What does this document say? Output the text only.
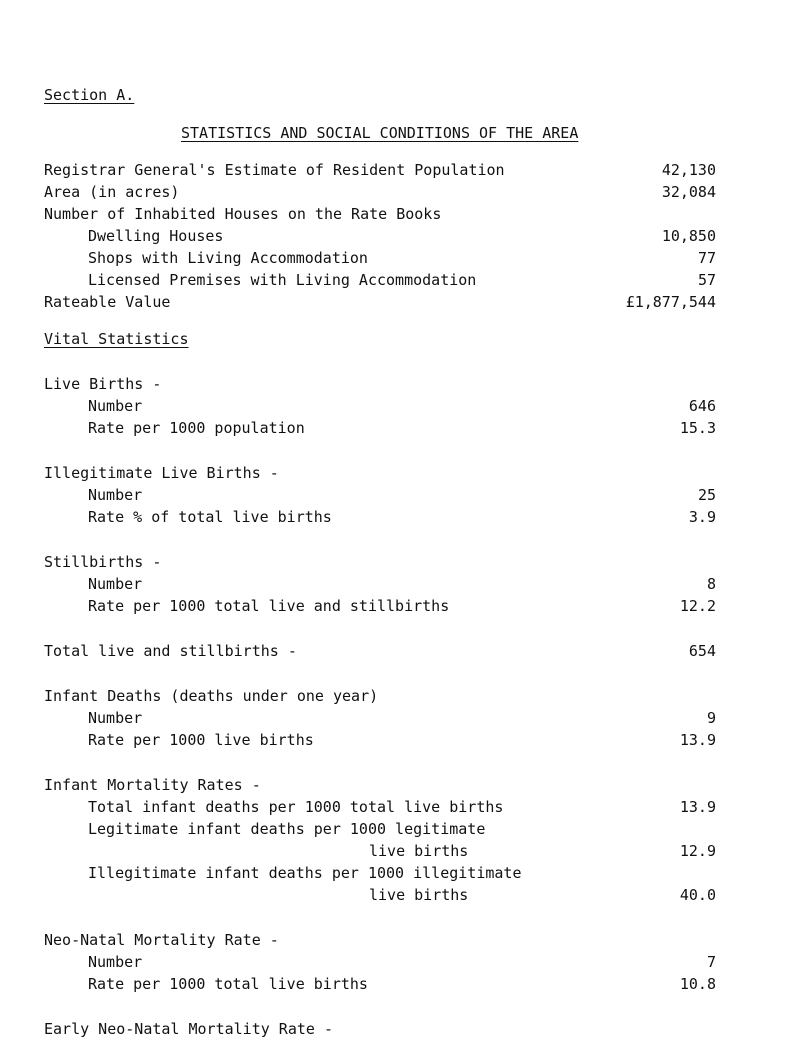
Section A.
STATISTICS AND SOCIAL CONDITIONS OF THE AREA
Registrar General's Estimate of Resident Population	42,130
Area (in acres)	32,084
Number of Inhabited Houses on the Rate Books
Dwelling Houses	10,850
Shops with Living Accommodation	77
Licensed Premises with Living Accommodation	57
Rateable Value	£1,877,544
Vital Statistics
Live Births -
Number	646
Rate per 1000 population	15.3
Illegitimate Live Births -
Number	25
Rate % of total live births	3.9
Stillbirths -
Number	8
Rate per 1000 total live and stillbirths	12.2
Total live and stillbirths -	654
Infant Deaths (deaths under one year)
Number	9
Rate per 1000 live births	13.9
Infant Mortality Rates -
Total infant deaths per 1000 total live births	13.9
Legitimate infant deaths per 1000 legitimate
live births	12.9
Illegitimate infant deaths per 1000 illegitimate
live births	40.0
Neo-Natal Mortality Rate -
Number	7
Rate per 1000 total live births	10.8
Early Neo-Natal Mortality Rate -
